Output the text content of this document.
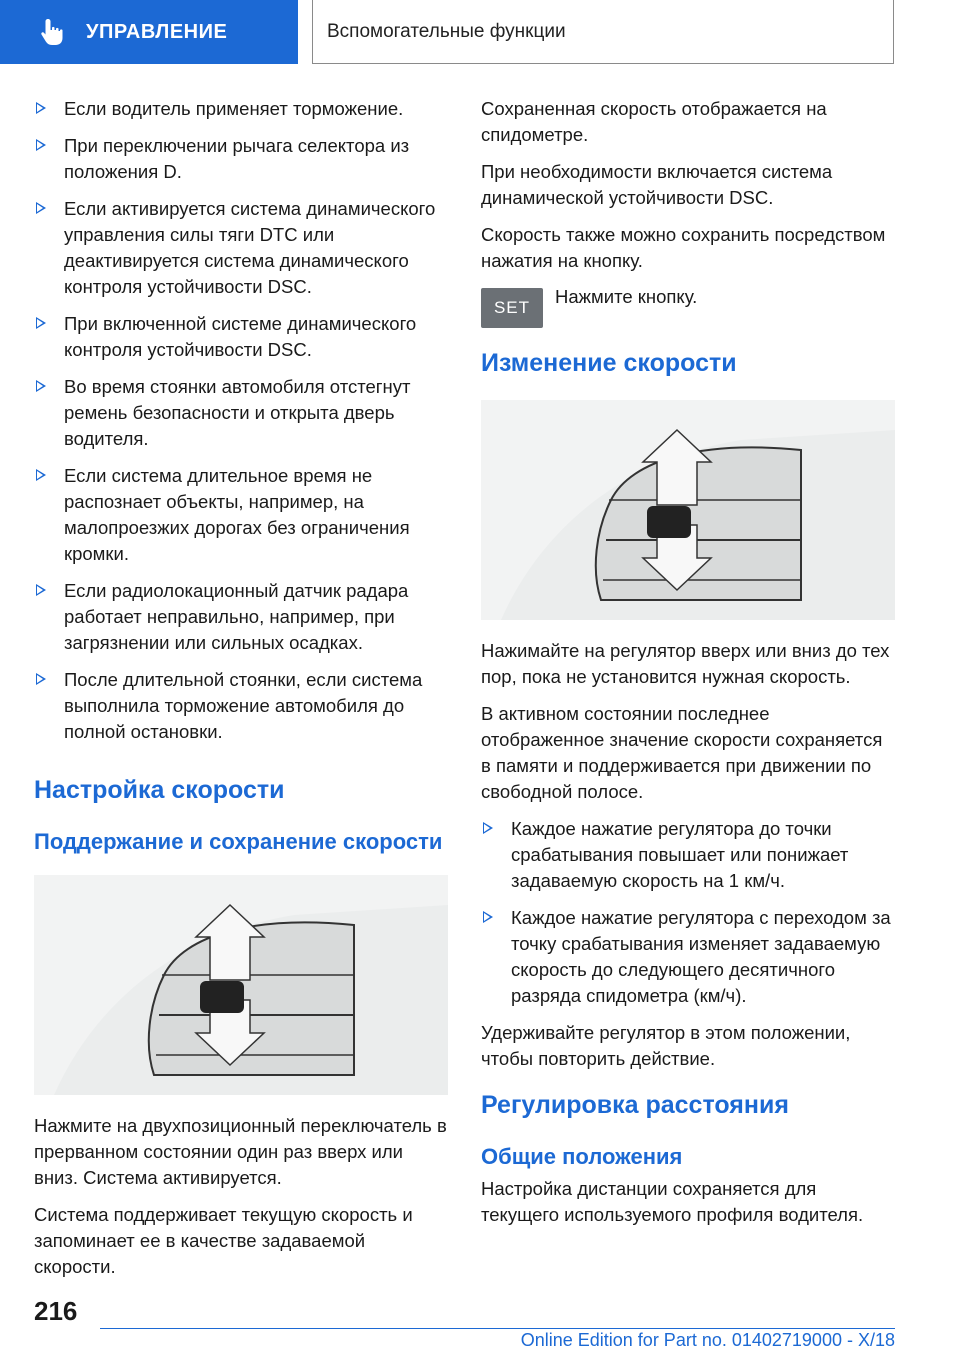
УПРАВЛЕНИЕ	Вспомогательные функции
Если водитель применяет торможение.
При переключении рычага селектора из положения D.
Если активируется система динамического управления силы тяги DTC или деактивируется система динамического контроля устойчивости DSC.
При включенной системе динамического контроля устойчивости DSC.
Во время стоянки автомобиля отстегнут ремень безопасности и открыта дверь водителя.
Если система длительное время не распознает объекты, например, на малопроезжих дорогах без ограничения кромки.
Если радиолокационный датчик радара работает неправильно, например, при загрязнении или сильных осадках.
После длительной стоянки, если система выполнила торможение автомобиля до полной остановки.
Настройка скорости
Поддержание и сохранение скорости

Нажмите на двухпозиционный переключатель в прерванном состоянии один раз вверх или вниз. Система активируется.

Система поддерживает текущую скорость и запоминает ее в качестве задаваемой скорости.

Сохраненная скорость отображается на спидометре.

При необходимости включается система динамической устойчивости DSC.

Скорость также можно сохранить посредством нажатия на кнопку.

SET
Нажмите кнопку.
Изменение скорости

Нажимайте на регулятор вверх или вниз до тех пор, пока не установится нужная скорость.

В активном состоянии последнее отображенное значение скорости сохраняется в памяти и поддерживается при движении по свободной полосе.

Каждое нажатие регулятора до точки срабатывания повышает или понижает задаваемую скорость на 1 км/ч.
Каждое нажатие регулятора с переходом за точку срабатывания изменяет задаваемую скорость до следующего десятичного разряда спидометра (км/ч).

Удерживайте регулятор в этом положении, чтобы повторить действие.

Регулировка расстояния
Общие положения

Настройка дистанции сохраняется для текущего используемого профиля водителя.

216
Online Edition for Part no. 01402719000 - X/18
